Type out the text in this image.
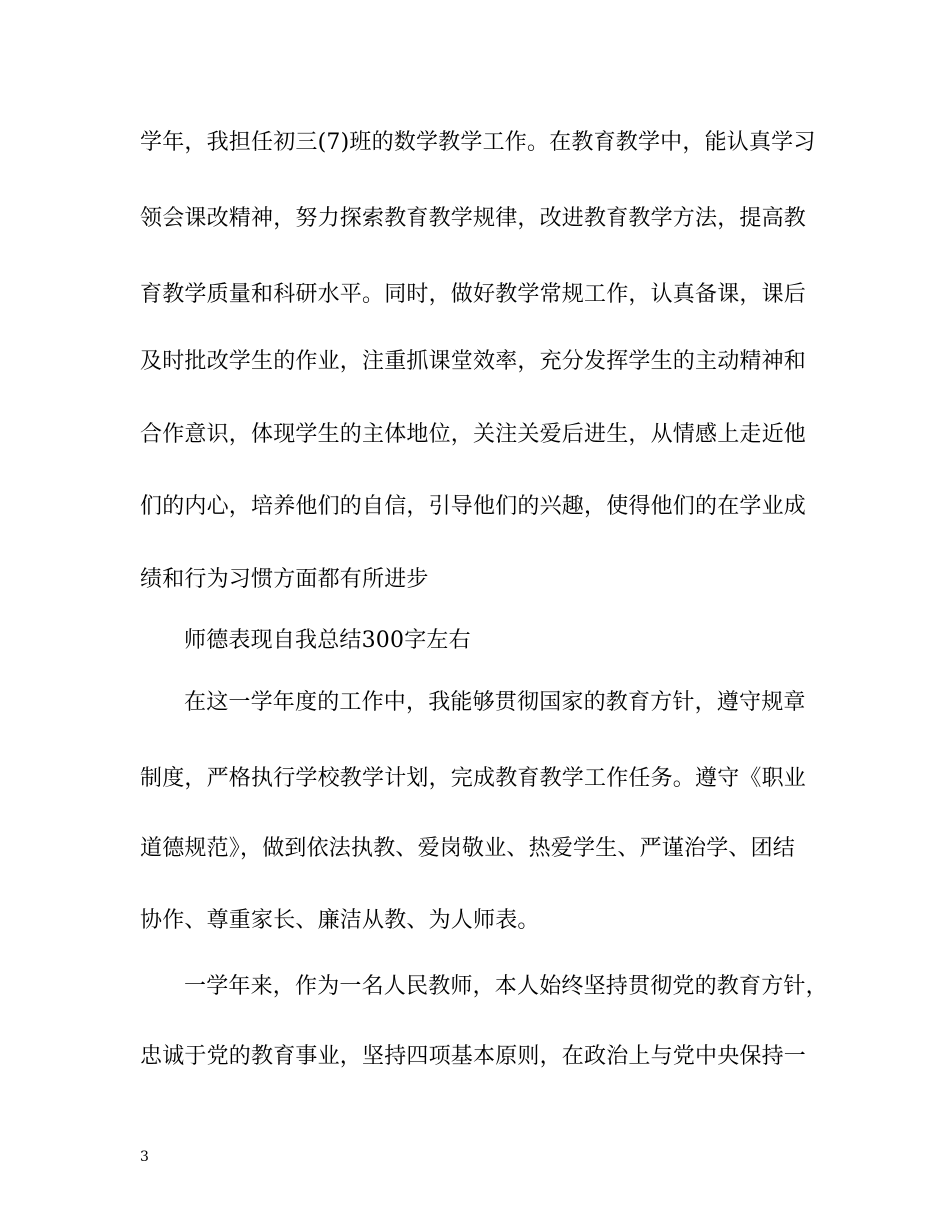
学年，我担任初三(7)班的数学教学工作。在教育教学中，能认真学习
领会课改精神，努力探索教育教学规律，改进教育教学方法，提高教
育教学质量和科研水平。同时，做好教学常规工作，认真备课，课后
及时批改学生的作业，注重抓课堂效率，充分发挥学生的主动精神和
合作意识，体现学生的主体地位，关注关爱后进生，从情感上走近他
们的内心，培养他们的自信，引导他们的兴趣，使得他们的在学业成
绩和行为习惯方面都有所进步
师德表现自我总结300字左右
在这一学年度的工作中，我能够贯彻国家的教育方针，遵守规章
制度，严格执行学校教学计划，完成教育教学工作任务。遵守《职业
道德规范》，做到依法执教、爱岗敬业、热爱学生、严谨治学、团结
协作、尊重家长、廉洁从教、为人师表。
一学年来，作为一名人民教师，本人始终坚持贯彻党的教育方针，
忠诚于党的教育事业，坚持四项基本原则，在政治上与党中央保持一
3
